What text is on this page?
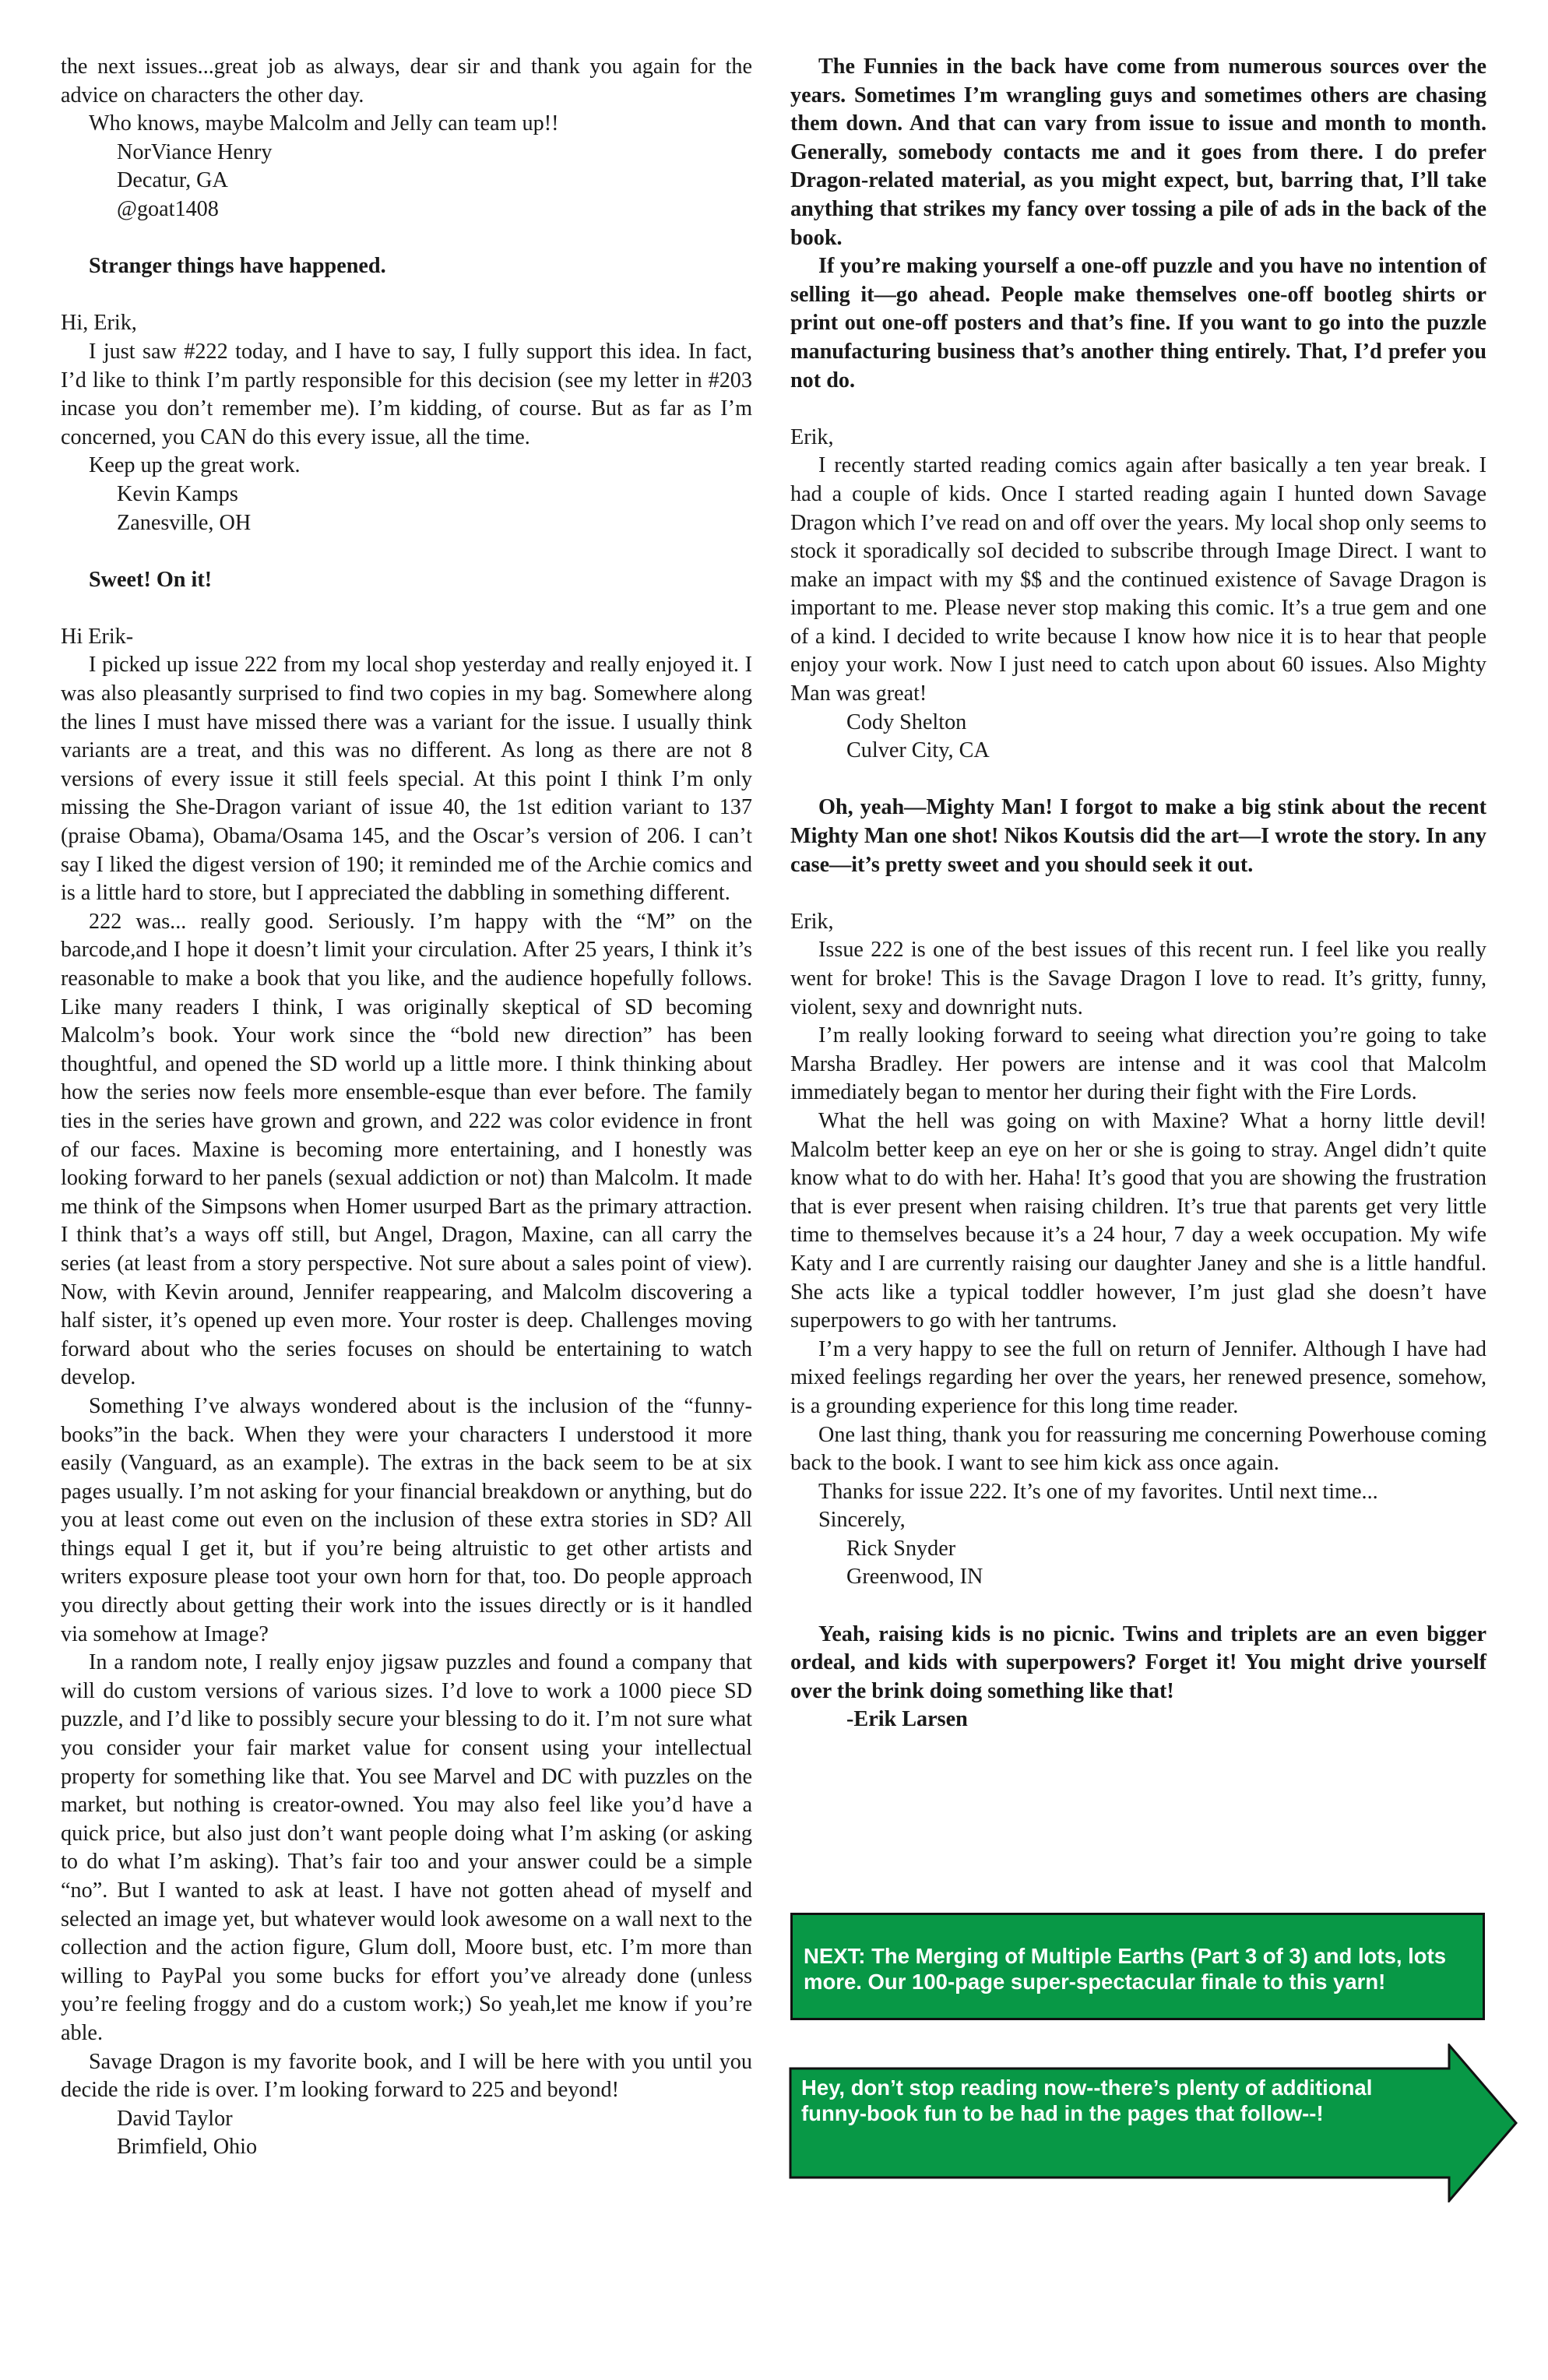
the next issues...great job as always, dear sir and thank you again for the advice on characters the other day.

Who knows, maybe Malcolm and Jelly can team up!!

NorViance Henry

Decatur, GA

@goat1408

Stranger things have happened.

Hi, Erik,

I just saw #222 today, and I have to say, I fully support this idea. In fact, I’d like to think I’m partly responsible for this decision (see my letter in #203 incase you don’t remember me). I’m kidding, of course. But as far as I’m concerned, you CAN do this every issue, all the time.

Keep up the great work.

Kevin Kamps

Zanesville, OH

Sweet! On it!

Hi Erik-

I picked up issue 222 from my local shop yesterday and really enjoyed it. I was also pleasantly surprised to find two copies in my bag. Somewhere along the lines I must have missed there was a variant for the issue. I usually think variants are a treat, and this was no different. As long as there are not 8 versions of every issue it still feels special. At this point I think I’m only missing the She-Dragon variant of issue 40, the 1st edition variant to 137 (praise Obama), Obama/Osama 145, and the Oscar’s version of 206. I can’t say I liked the digest version of 190; it reminded me of the Archie comics and is a little hard to store, but I appreciated the dabbling in something different.

222 was... really good. Seriously. I’m happy with the “M” on the barcode,and I hope it doesn’t limit your circulation. After 25 years, I think it’s reasonable to make a book that you like, and the audience hopefully follows. Like many readers I think, I was originally skeptical of SD becoming Malcolm’s book. Your work since the “bold new direction” has been thoughtful, and opened the SD world up a little more. I think thinking about how the series now feels more ensemble-esque than ever before. The family ties in the series have grown and grown, and 222 was color evidence in front of our faces. Maxine is becoming more entertaining, and I honestly was looking forward to her panels (sexual addiction or not) than Malcolm. It made me think of the Simpsons when Homer usurped Bart as the primary attraction. I think that’s a ways off still, but Angel, Dragon, Maxine, can all carry the series (at least from a story perspective. Not sure about a sales point of view). Now, with Kevin around, Jennifer reappearing, and Malcolm discovering a half sister, it’s opened up even more. Your roster is deep. Challenges moving forward about who the series focuses on should be entertaining to watch develop.

Something I’ve always wondered about is the inclusion of the “funny-books”in the back. When they were your characters I understood it more easily (Vanguard, as an example). The extras in the back seem to be at six pages usually. I’m not asking for your financial breakdown or anything, but do you at least come out even on the inclusion of these extra stories in SD? All things equal I get it, but if you’re being altruistic to get other artists and writers exposure please toot your own horn for that, too. Do people approach you directly about getting their work into the issues directly or is it handled via somehow at Image?

In a random note, I really enjoy jigsaw puzzles and found a company that will do custom versions of various sizes. I’d love to work a 1000 piece SD puzzle, and I’d like to possibly secure your blessing to do it. I’m not sure what you consider your fair market value for consent using your intellectual property for something like that. You see Marvel and DC with puzzles on the market, but nothing is creator-owned. You may also feel like you’d have a quick price, but also just don’t want people doing what I’m asking (or asking to do what I’m asking). That’s fair too and your answer could be a simple “no”. But I wanted to ask at least. I have not gotten ahead of myself and selected an image yet, but whatever would look awesome on a wall next to the collection and the action figure, Glum doll, Moore bust, etc. I’m more than willing to PayPal you some bucks for effort you’ve already done (unless you’re feeling froggy and do a custom work;) So yeah,let me know if you’re able.

Savage Dragon is my favorite book, and I will be here with you until you decide the ride is over. I’m looking forward to 225 and beyond!

David Taylor

Brimfield, Ohio

The Funnies in the back have come from numerous sources over the years. Sometimes I’m wrangling guys and sometimes others are chasing them down. And that can vary from issue to issue and month to month. Generally, somebody contacts me and it goes from there. I do prefer Dragon-related material, as you might expect, but, barring that, I’ll take anything that strikes my fancy over tossing a pile of ads in the back of the book.

If you’re making yourself a one-off puzzle and you have no intention of selling it—go ahead. People make themselves one-off bootleg shirts or print out one-off posters and that’s fine. If you want to go into the puzzle manufacturing business that’s another thing entirely. That, I’d prefer you not do.

Erik,

I recently started reading comics again after basically a ten year break. I had a couple of kids. Once I started reading again I hunted down Savage Dragon which I’ve read on and off over the years. My local shop only seems to stock it sporadically soI decided to subscribe through Image Direct. I want to make an impact with my $$ and the continued existence of Savage Dragon is important to me. Please never stop making this comic. It’s a true gem and one of a kind. I decided to write because I know how nice it is to hear that people enjoy your work. Now I just need to catch upon about 60 issues. Also Mighty Man was great!

Cody Shelton

Culver City, CA

Oh, yeah—Mighty Man! I forgot to make a big stink about the recent Mighty Man one shot! Nikos Koutsis did the art—I wrote the story. In any case—it’s pretty sweet and you should seek it out.

Erik,

Issue 222 is one of the best issues of this recent run. I feel like you really went for broke! This is the Savage Dragon I love to read. It’s gritty, funny, violent, sexy and downright nuts.

I’m really looking forward to seeing what direction you’re going to take Marsha Bradley. Her powers are intense and it was cool that Malcolm immediately began to mentor her during their fight with the Fire Lords.

What the hell was going on with Maxine? What a horny little devil! Malcolm better keep an eye on her or she is going to stray. Angel didn’t quite know what to do with her. Haha! It’s good that you are showing the frustration that is ever present when raising children. It’s true that parents get very little time to themselves because it’s a 24 hour, 7 day a week occupation. My wife Katy and I are currently raising our daughter Janey and she is a little handful. She acts like a typical toddler however, I’m just glad she doesn’t have superpowers to go with her tantrums.

I’m a very happy to see the full on return of Jennifer. Although I have had mixed feelings regarding her over the years, her renewed presence, somehow, is a grounding experience for this long time reader.

One last thing, thank you for reassuring me concerning Powerhouse coming back to the book. I want to see him kick ass once again.

Thanks for issue 222. It’s one of my favorites. Until next time...

Sincerely,

Rick Snyder

Greenwood, IN

Yeah, raising kids is no picnic. Twins and triplets are an even bigger ordeal, and kids with superpowers? Forget it! You might drive yourself over the brink doing something like that!

-Erik Larsen

NEXT: The Merging of Multiple Earths (Part 3 of 3) and lots, lots more. Our 100-page super-spectacular finale to this yarn!
Hey, don’t stop reading now--there’s plenty of additional funny-book fun to be had in the pages that follow--!
